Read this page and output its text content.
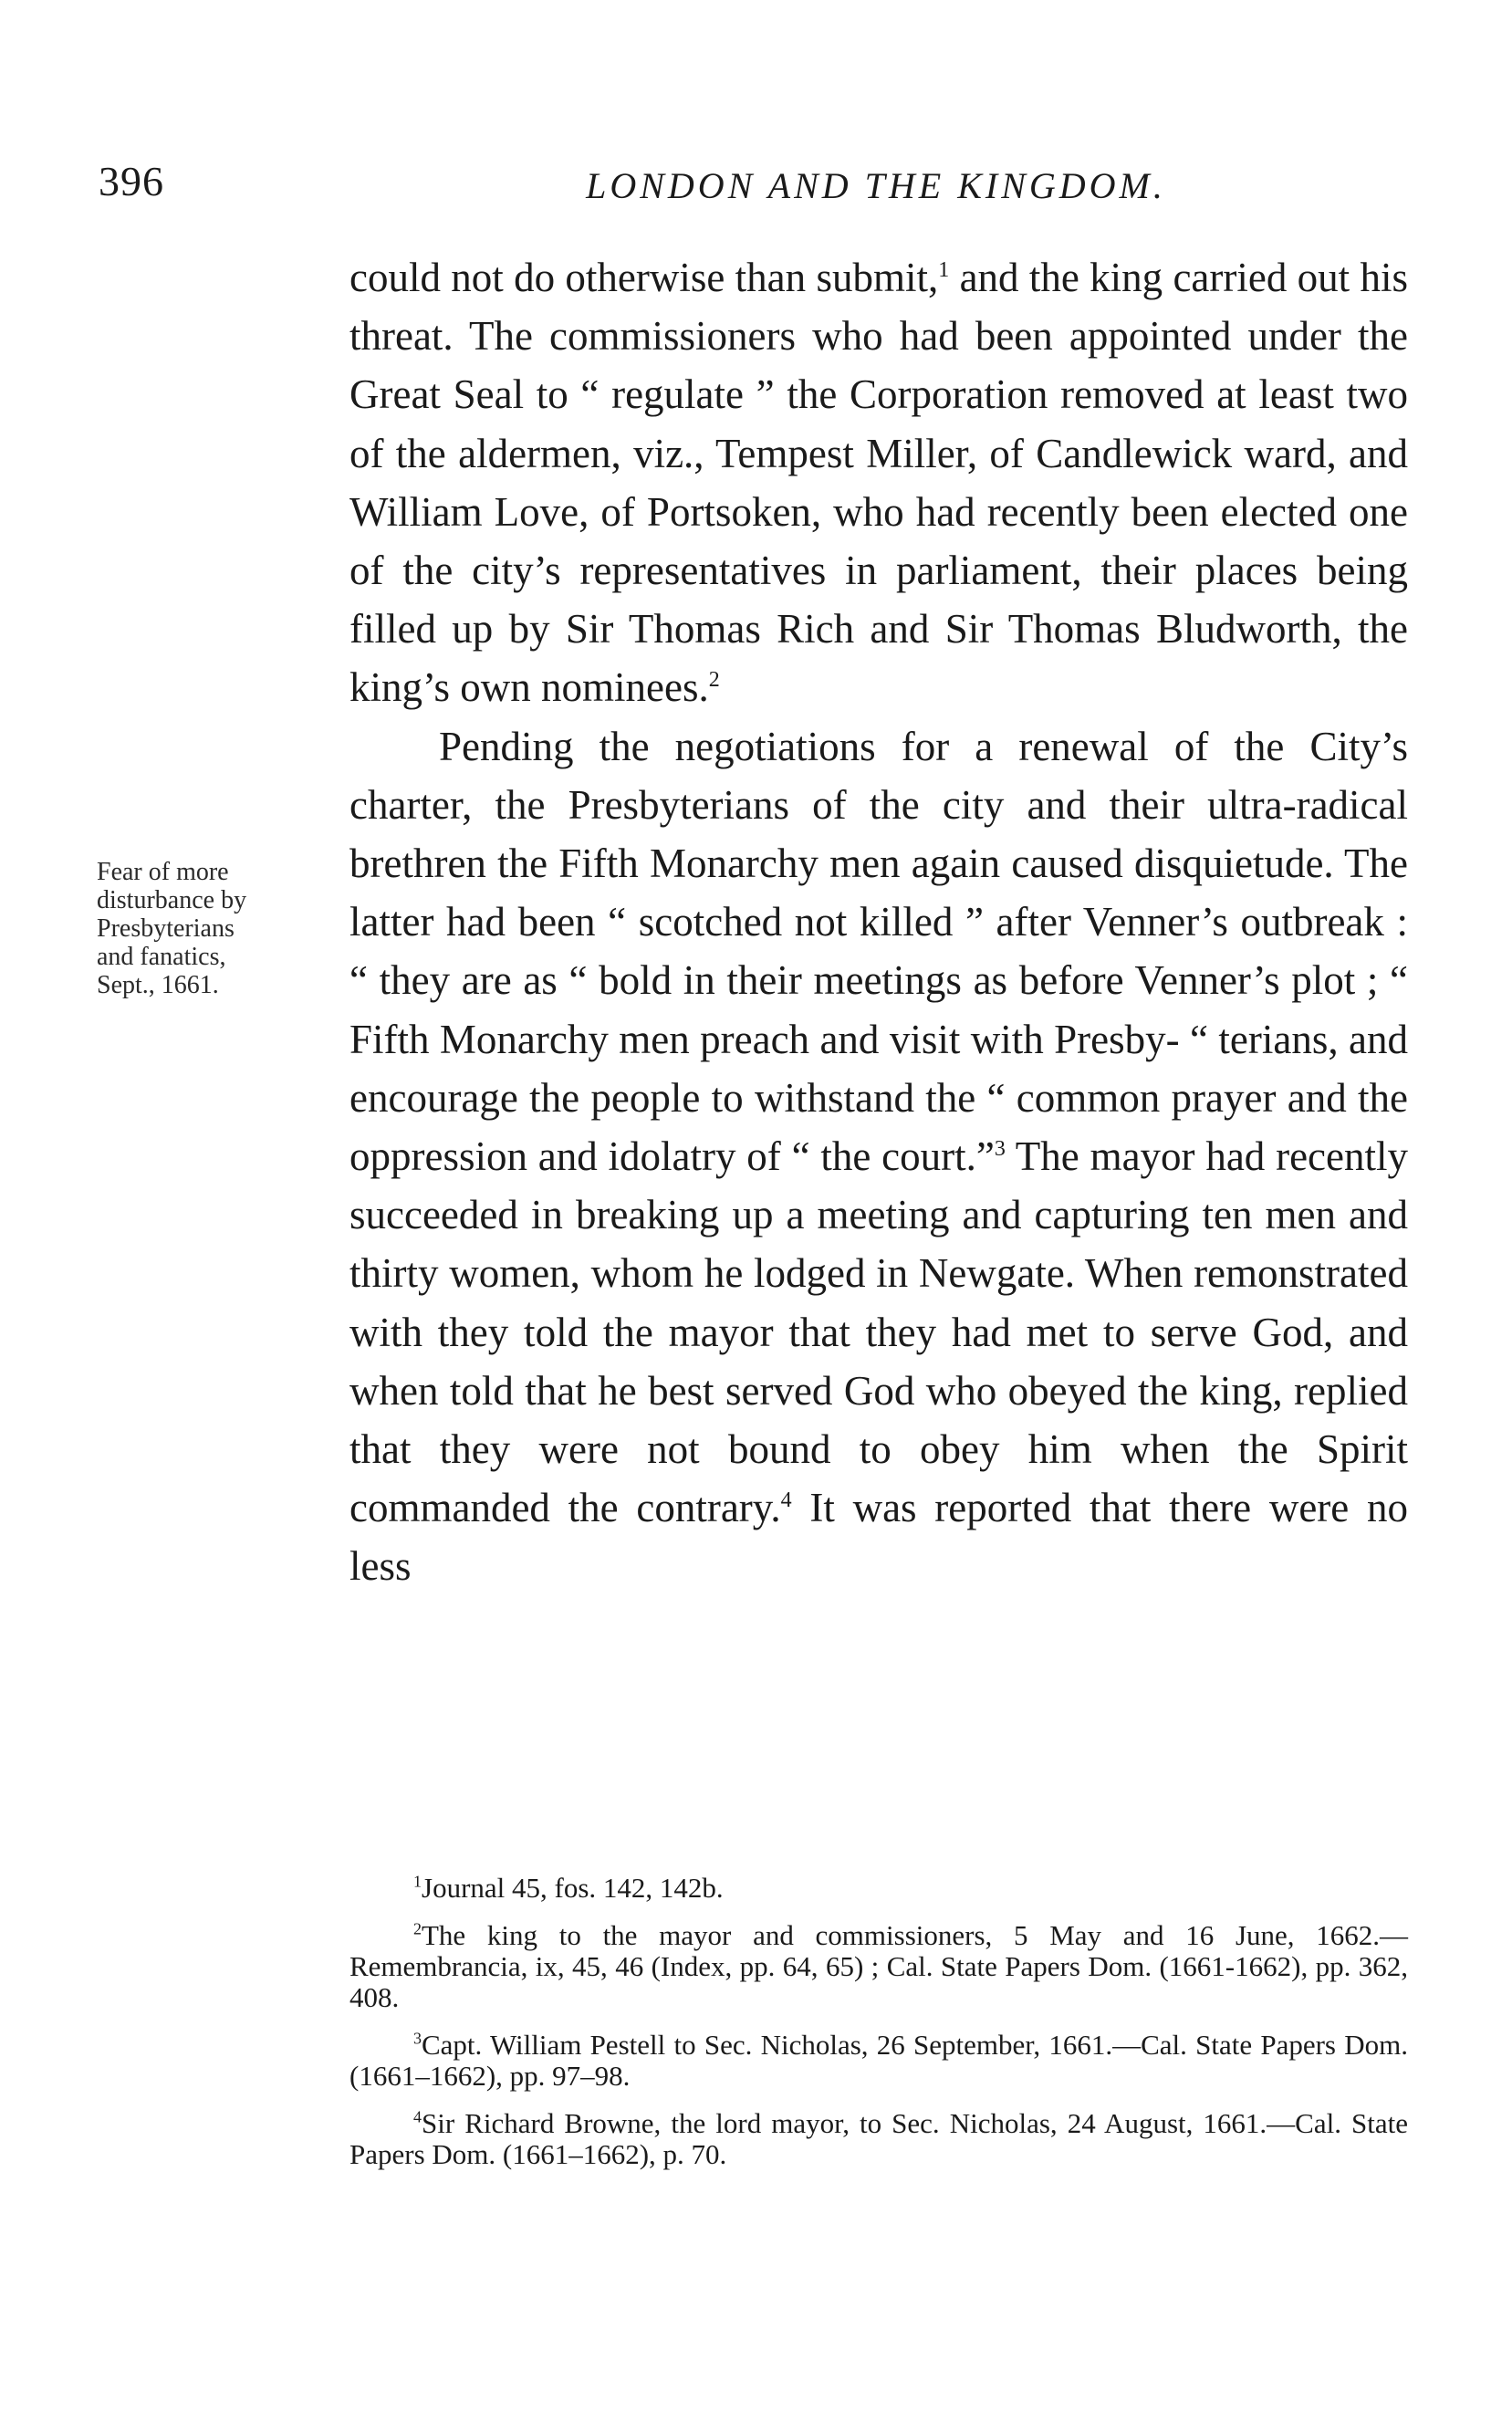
396	LONDON AND THE KINGDOM.
Fear of more
disturbance by
Presbyterians
and fanatics,
Sept., 1661.

could not do otherwise than submit,$^1$ and the king carried out his threat. The commissioners who had been appointed under the Great Seal to “ regulate ” the Corporation removed at least two of the aldermen, viz., Tempest Miller, of Candlewick ward, and William Love, of Portsoken, who had recently been elected one of the city’s representatives in parliament, their places being filled up by Sir Thomas Rich and Sir Thomas Bludworth, the king’s own nominees.$^2$

Pending the negotiations for a renewal of the City’s charter, the Presbyterians of the city and their ultra-radical brethren the Fifth Monarchy men again caused disquietude. The latter had been “ scotched not killed ” after Venner’s outbreak : “ they are as “ bold in their meetings as before Venner’s plot ; “ Fifth Monarchy men preach and visit with Presby- “ terians, and encourage the people to withstand the “ common prayer and the oppression and idolatry of “ the court.”$^3$ The mayor had recently succeeded in breaking up a meeting and capturing ten men and thirty women, whom he lodged in Newgate. When remonstrated with they told the mayor that they had met to serve God, and when told that he best served God who obeyed the king, replied that they were not bound to obey him when the Spirit commanded the contrary.$^4$ It was reported that there were no less

$^1$Journal 45, fos. 142, 142b.

$^2$The king to the mayor and commissioners, 5 May and 16 June, 1662.—Remembrancia, ix, 45, 46 (Index, pp. 64, 65) ; Cal. State Papers Dom. (1661-1662), pp. 362, 408.

$^3$Capt. William Pestell to Sec. Nicholas, 26 September, 1661.—Cal. State Papers Dom. (1661–1662), pp. 97–98.

$^4$Sir Richard Browne, the lord mayor, to Sec. Nicholas, 24 August, 1661.—Cal. State Papers Dom. (1661–1662), p. 70.
